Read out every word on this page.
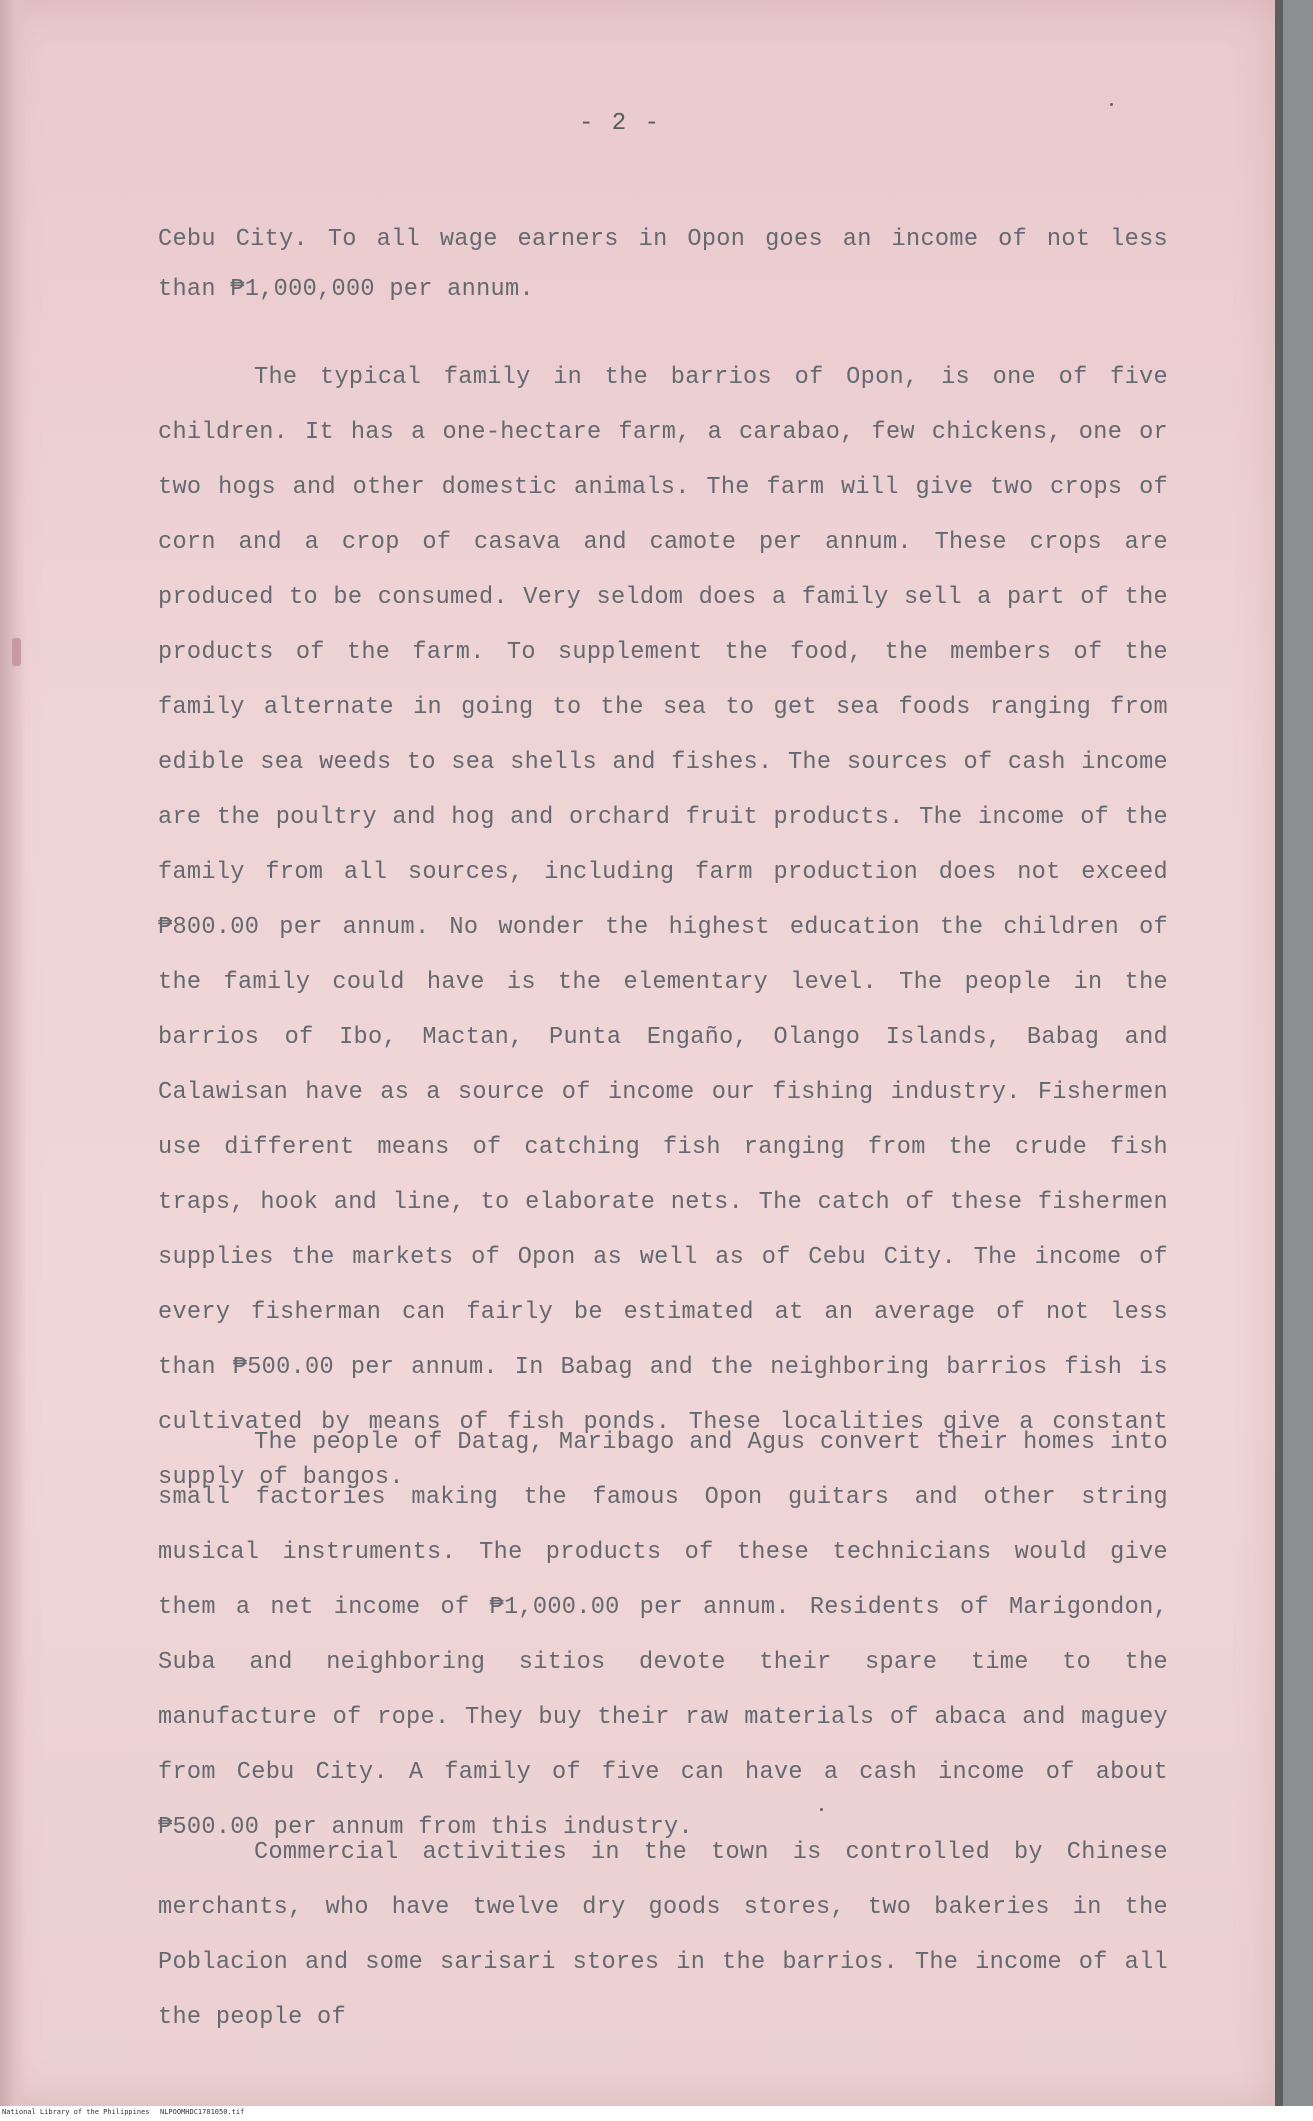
- 2 -
Cebu City. To all wage earners in Opon goes an income of not less than ₱1,000,000 per annum.
The typical family in the barrios of Opon, is one of five children. It has a one-hectare farm, a carabao, few chickens, one or two hogs and other domestic animals. The farm will give two crops of corn and a crop of casava and camote per annum. These crops are produced to be consumed. Very seldom does a family sell a part of the products of the farm. To supplement the food, the members of the family alternate in going to the sea to get sea foods ranging from edible sea weeds to sea shells and fishes. The sources of cash income are the poultry and hog and orchard fruit products. The income of the family from all sources, including farm production does not exceed ₱800.00 per annum. No wonder the highest education the children of the family could have is the elementary level. The people in the barrios of Ibo, Mactan, Punta Engaño, Olango Islands, Babag and Calawisan have as a source of income our fishing industry. Fishermen use different means of catching fish ranging from the crude fish traps, hook and line, to elaborate nets. The catch of these fishermen supplies the markets of Opon as well as of Cebu City. The income of every fisherman can fairly be estimated at an average of not less than ₱500.00 per annum. In Babag and the neighboring barrios fish is cultivated by means of fish ponds. These localities give a constant supply of bangos.
The people of Datag, Maribago and Agus convert their homes into small factories making the famous Opon guitars and other string musical instruments. The products of these technicians would give them a net income of ₱1,000.00 per annum. Residents of Marigondon, Suba and neighboring sitios devote their spare time to the manufacture of rope. They buy their raw materials of abaca and maguey from Cebu City. A family of five can have a cash income of about ₱500.00 per annum from this industry.
Commercial activities in the town is controlled by Chinese merchants, who have twelve dry goods stores, two bakeries in the Poblacion and some sarisari stores in the barrios. The income of all the people of
National Library of the Philippines NLPOOMHDC1701050.tif
